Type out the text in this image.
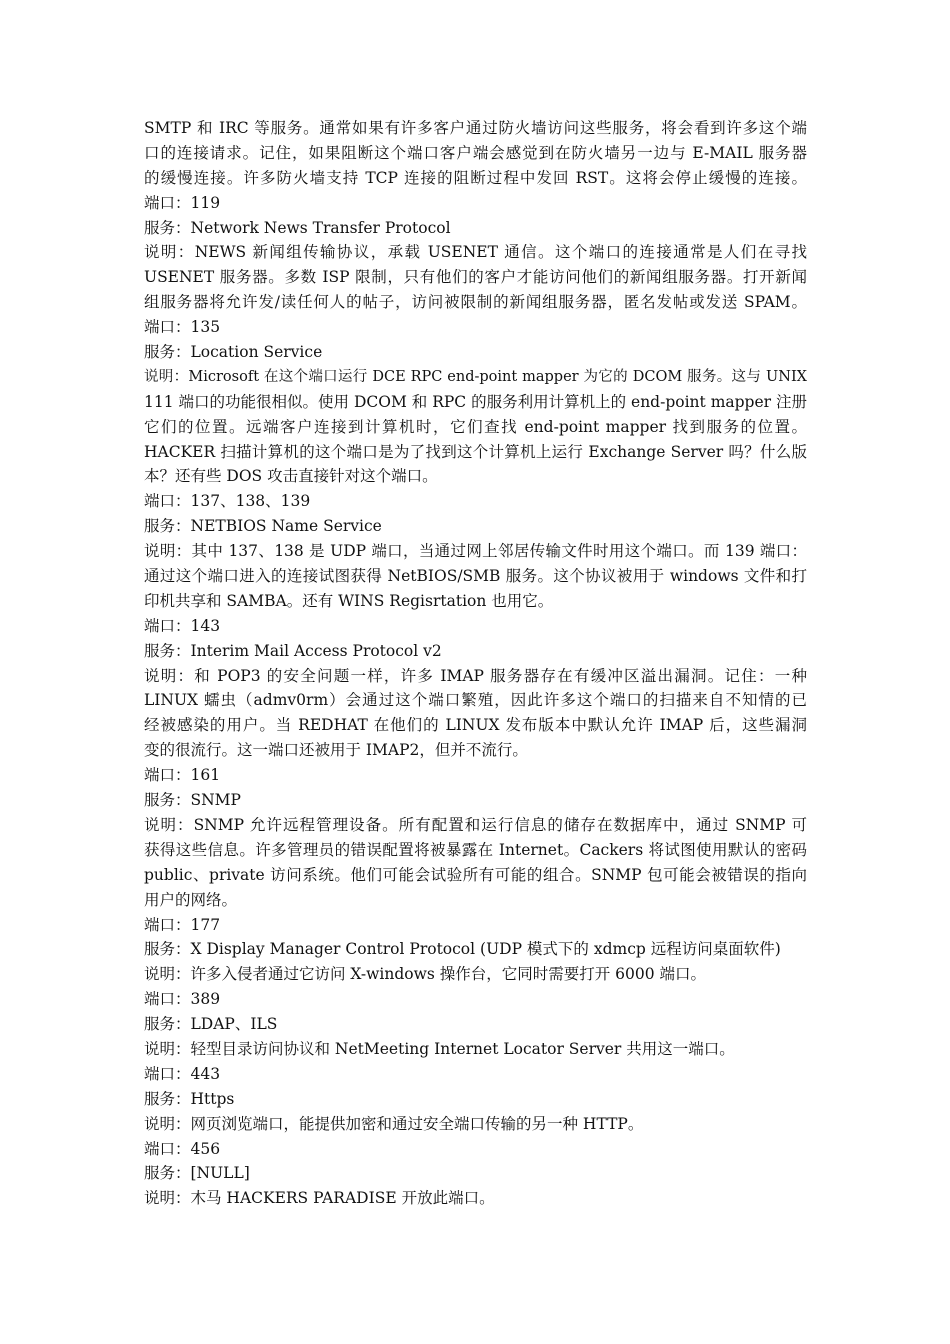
SMTP 和 IRC 等服务。通常如果有许多客户通过防火墙访问这些服务，将会看到许多这个端
口的连接请求。记住，如果阻断这个端口客户端会感觉到在防火墙另一边与 E-MAIL 服务器
的缓慢连接。许多防火墙支持 TCP 连接的阻断过程中发回 RST。这将会停止缓慢的连接。
端口：119
服务：Network News Transfer Protocol
说明：NEWS 新闻组传输协议，承载 USENET 通信。这个端口的连接通常是人们在寻找
USENET 服务器。多数 ISP 限制，只有他们的客户才能访问他们的新闻组服务器。打开新闻
组服务器将允许发/读任何人的帖子，访问被限制的新闻组服务器，匿名发帖或发送 SPAM。
端口：135
服务：Location Service
说明：Microsoft 在这个端口运行 DCE RPC end-point mapper 为它的 DCOM 服务。这与 UNIX
111 端口的功能很相似。使用 DCOM 和 RPC 的服务利用计算机上的 end-point mapper 注册
它们的位置。远端客户连接到计算机时，它们查找 end-point mapper 找到服务的位置。
HACKER 扫描计算机的这个端口是为了找到这个计算机上运行 Exchange Server 吗？什么版
本？还有些 DOS 攻击直接针对这个端口。
端口：137、138、139
服务：NETBIOS Name Service
说明：其中 137、138 是 UDP 端口，当通过网上邻居传输文件时用这个端口。而 139 端口：
通过这个端口进入的连接试图获得 NetBIOS/SMB 服务。这个协议被用于 windows 文件和打
印机共享和 SAMBA。还有 WINS Regisrtation 也用它。
端口：143
服务：Interim Mail Access Protocol v2
说明：和 POP3 的安全问题一样，许多 IMAP 服务器存在有缓冲区溢出漏洞。记住：一种
LINUX 蠕虫（admv0rm）会通过这个端口繁殖，因此许多这个端口的扫描来自不知情的已
经被感染的用户。当 REDHAT 在他们的 LINUX 发布版本中默认允许 IMAP 后，这些漏洞
变的很流行。这一端口还被用于 IMAP2，但并不流行。
端口：161
服务：SNMP
说明：SNMP 允许远程管理设备。所有配置和运行信息的储存在数据库中，通过 SNMP 可
获得这些信息。许多管理员的错误配置将被暴露在 Internet。Cackers 将试图使用默认的密码
public、private 访问系统。他们可能会试验所有可能的组合。SNMP 包可能会被错误的指向
用户的网络。
端口：177
服务：X Display Manager Control Protocol (UDP 模式下的 xdmcp 远程访问桌面软件)
说明：许多入侵者通过它访问 X-windows 操作台，它同时需要打开 6000 端口。
端口：389
服务：LDAP、ILS
说明：轻型目录访问协议和 NetMeeting Internet Locator Server 共用这一端口。
端口：443
服务：Https
说明：网页浏览端口，能提供加密和通过安全端口传输的另一种 HTTP。
端口：456
服务：[NULL]
说明：木马 HACKERS PARADISE 开放此端口。
